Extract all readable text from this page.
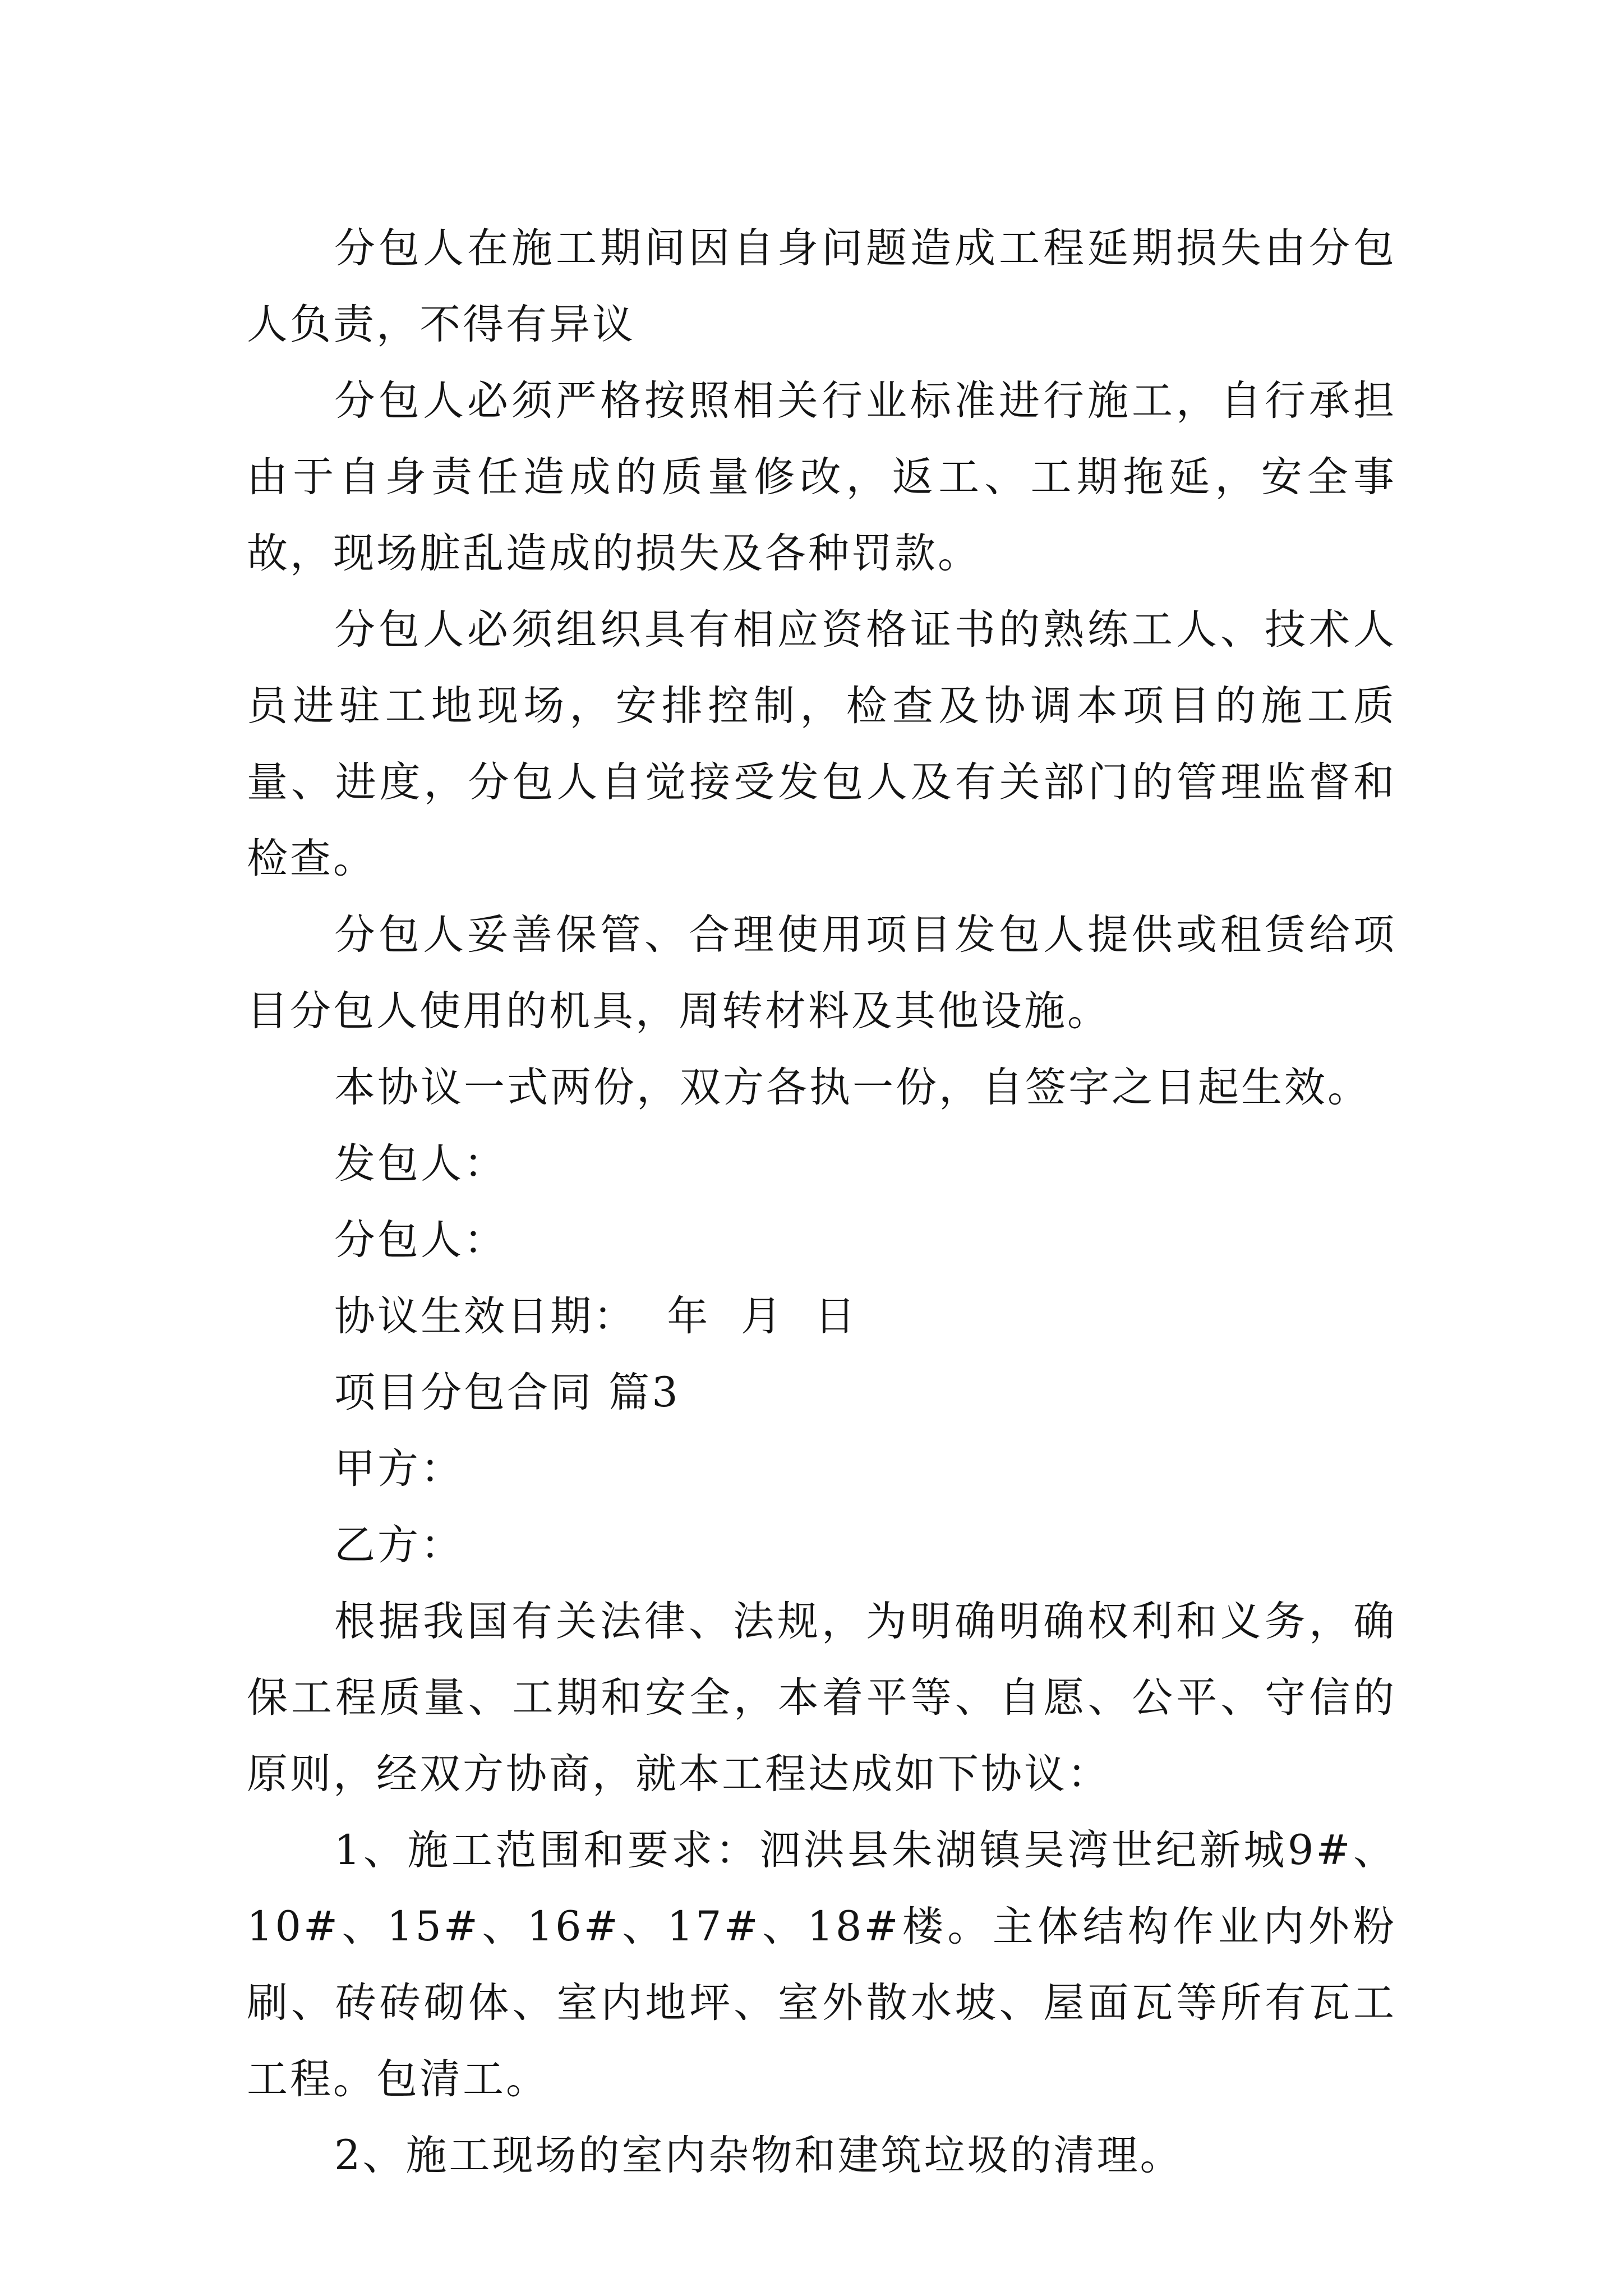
分包人在施工期间因自身问题造成工程延期损失由分包人负责，不得有异议

分包人必须严格按照相关行业标准进行施工，自行承担由于自身责任造成的质量修改，返工、工期拖延，安全事故，现场脏乱造成的损失及各种罚款。

分包人必须组织具有相应资格证书的熟练工人、技术人员进驻工地现场，安排控制，检查及协调本项目的施工质量、进度，分包人自觉接受发包人及有关部门的管理监督和检查。

分包人妥善保管、合理使用项目发包人提供或租赁给项目分包人使用的机具，周转材料及其他设施。

本协议一式两份，双方各执一份，自签字之日起生效。

发包人：

分包人：

协议生效日期：  年  月  日

项目分包合同 篇3

甲方：

乙方：

根据我国有关法律、法规，为明确明确权利和义务，确保工程质量、工期和安全，本着平等、自愿、公平、守信的原则，经双方协商，就本工程达成如下协议：

1、施工范围和要求：泗洪县朱湖镇吴湾世纪新城9#、10#、15#、16#、17#、18#楼。主体结构作业内外粉刷、砖砖砌体、室内地坪、室外散水坡、屋面瓦等所有瓦工工程。包清工。

2、施工现场的室内杂物和建筑垃圾的清理。
